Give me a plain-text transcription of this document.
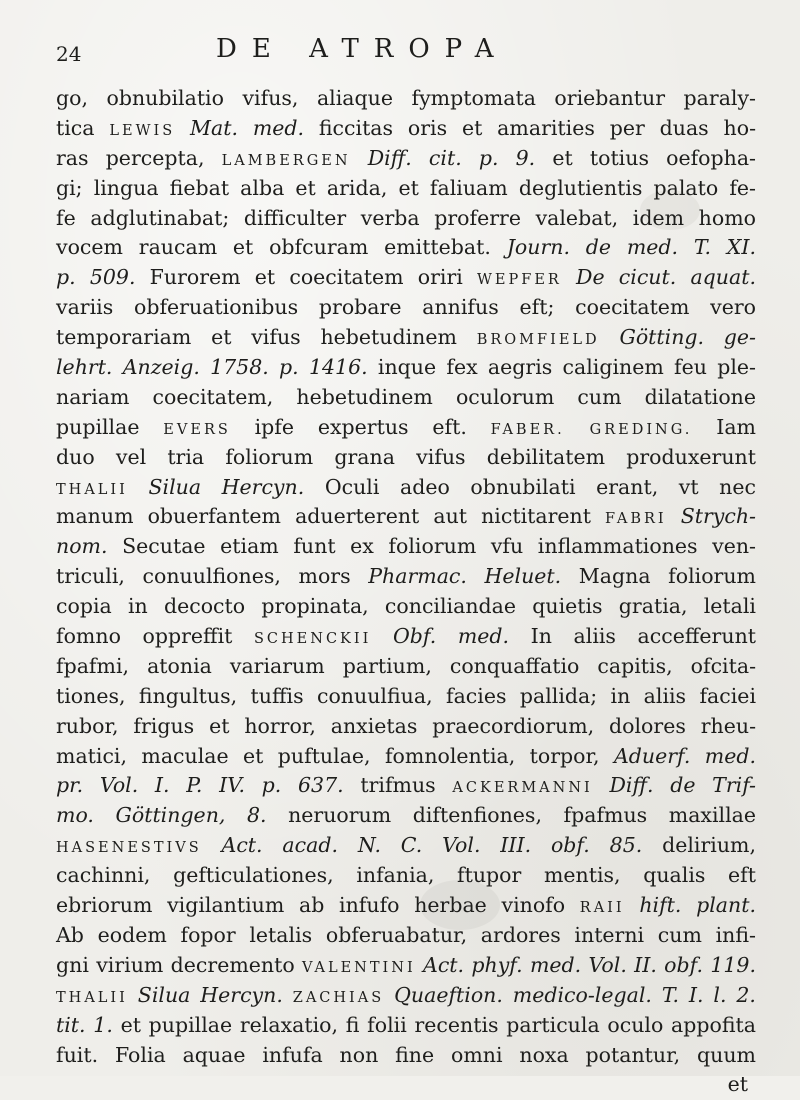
24	DE ATROPA
go, obnubilatio vifus, aliaque fymptomata oriebantur paraly-
tica LEWIS Mat. med. ficcitas oris et amarities per duas ho-
ras percepta, LAMBERGEN Diff. cit. p. 9. et totius oefopha-
gi; lingua fiebat alba et arida, et faliuam deglutientis palato fe-
fe adglutinabat; difficulter verba proferre valebat, idem homo
vocem raucam et obfcuram emittebat. Journ. de med. T. XI.
p. 509. Furorem et coecitatem oriri WEPFER De cicut. aquat.
variis obferuationibus probare annifus eft; coecitatem vero
temporariam et vifus hebetudinem BROMFIELD Götting. ge-
lehrt. Anzeig. 1758. p. 1416. inque fex aegris caliginem feu ple-
nariam coecitatem, hebetudinem oculorum cum dilatatione
pupillae EVERS ipfe expertus eft. FABER. GREDING. Iam
duo vel tria foliorum grana vifus debilitatem produxerunt
THALII Silua Hercyn. Oculi adeo obnubilati erant, vt nec
manum obuerfantem aduerterent aut nictitarent FABRI Strych-
nom. Secutae etiam funt ex foliorum vfu inflammationes ven-
triculi, conuulfiones, mors Pharmac. Heluet. Magna foliorum
copia in decocto propinata, conciliandae quietis gratia, letali
fomno oppreffit SCHENCKII Obf. med. In aliis accefferunt
fpafmi, atonia variarum partium, conquaffatio capitis, ofcita-
tiones, fingultus, tuffis conuulfiua, facies pallida; in aliis faciei
rubor, frigus et horror, anxietas praecordiorum, dolores rheu-
matici, maculae et puftulae, fomnolentia, torpor, Aduerf. med.
pr. Vol. I. P. IV. p. 637. trifmus ACKERMANNI Diff. de Trif-
mo. Göttingen, 8. neruorum diftenfiones, fpafmus maxillae
HASENESTIVS Act. acad. N. C. Vol. III. obf. 85. delirium,
cachinni, gefticulationes, infania, ftupor mentis, qualis eft
ebriorum vigilantium ab infufo herbae vinofo RAII hift. plant.
Ab eodem fopor letalis obferuabatur, ardores interni cum infi-
gni virium decremento VALENTINI Act. phyf. med. Vol. II. obf. 119.
THALII Silua Hercyn. ZACHIAS Quaeftion. medico-legal. T. I. l. 2.
tit. 1. et pupillae relaxatio, fi folii recentis particula oculo appofita
fuit. Folia aquae infufa non fine omni noxa potantur, quum
et
